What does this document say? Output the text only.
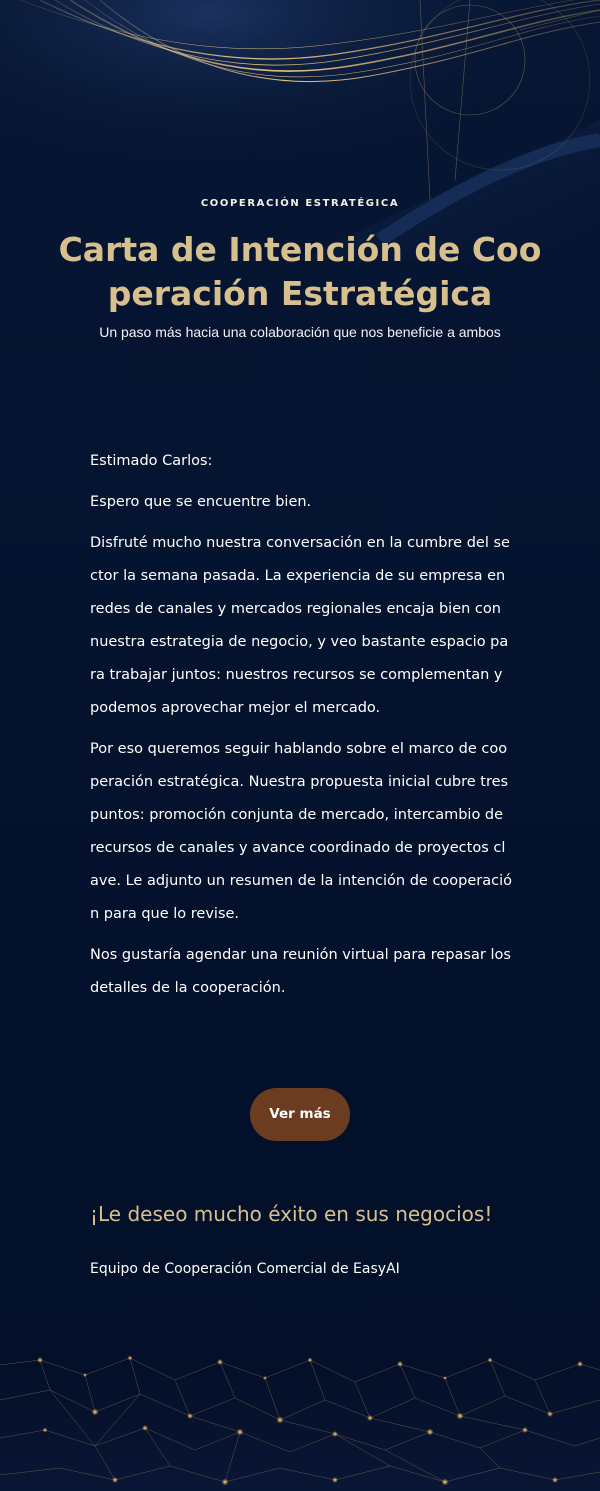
COOPERACIÓN ESTRATÉGICA

Carta de Intención de Cooperación Estratégica

Un paso más hacia una colaboración que nos beneficie a ambos

Estimado Carlos:

Espero que se encuentre bien.

Disfruté mucho nuestra conversación en la cumbre del sector la semana pasada. La experiencia de su empresa en redes de canales y mercados regionales encaja bien con nuestra estrategia de negocio, y veo bastante espacio para trabajar juntos: nuestros recursos se complementan y podemos aprovechar mejor el mercado.

Por eso queremos seguir hablando sobre el marco de cooperación estratégica. Nuestra propuesta inicial cubre tres puntos: promoción conjunta de mercado, intercambio de recursos de canales y avance coordinado de proyectos clave. Le adjunto un resumen de la intención de cooperación para que lo revise.

Nos gustaría agendar una reunión virtual para repasar los detalles de la cooperación.

Ver más

¡Le deseo mucho éxito en sus negocios!

Equipo de Cooperación Comercial de EasyAI
